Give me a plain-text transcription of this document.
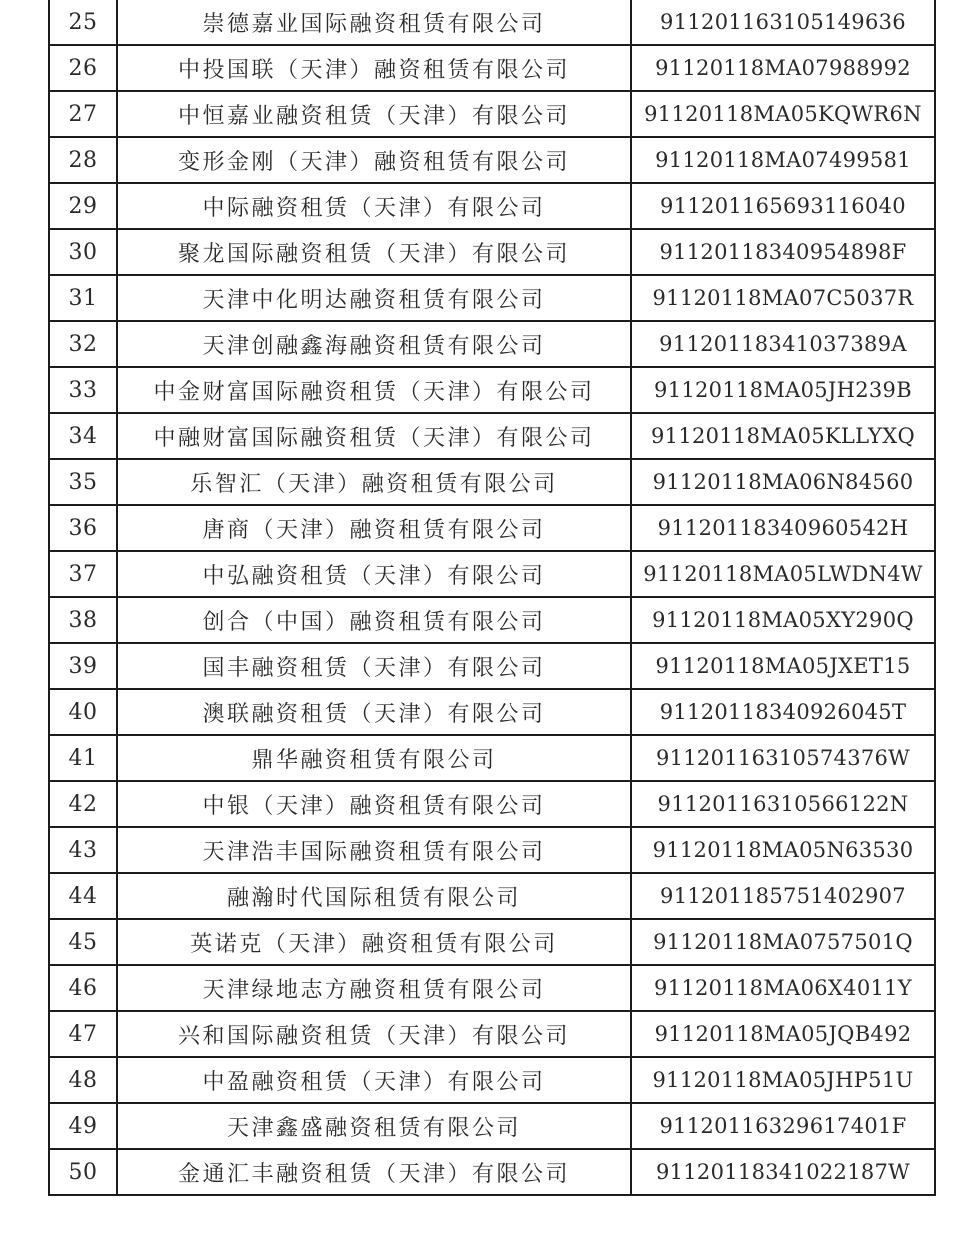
25	崇德嘉业国际融资租赁有限公司	911201163105149636
26	中投国联（天津）融资租赁有限公司	91120118MA07988992
27	中恒嘉业融资租赁（天津）有限公司	91120118MA05KQWR6N
28	变形金刚（天津）融资租赁有限公司	91120118MA07499581
29	中际融资租赁（天津）有限公司	911201165693116040
30	聚龙国际融资租赁（天津）有限公司	91120118340954898F
31	天津中化明达融资租赁有限公司	91120118MA07C5037R
32	天津创融鑫海融资租赁有限公司	91120118341037389A
33	中金财富国际融资租赁（天津）有限公司	91120118MA05JH239B
34	中融财富国际融资租赁（天津）有限公司	91120118MA05KLLYXQ
35	乐智汇（天津）融资租赁有限公司	91120118MA06N84560
36	唐商（天津）融资租赁有限公司	91120118340960542H
37	中弘融资租赁（天津）有限公司	91120118MA05LWDN4W
38	创合（中国）融资租赁有限公司	91120118MA05XY290Q
39	国丰融资租赁（天津）有限公司	91120118MA05JXET15
40	澳联融资租赁（天津）有限公司	91120118340926045T
41	鼎华融资租赁有限公司	91120116310574376W
42	中银（天津）融资租赁有限公司	91120116310566122N
43	天津浩丰国际融资租赁有限公司	91120118MA05N63530
44	融瀚时代国际租赁有限公司	911201185751402907
45	英诺克（天津）融资租赁有限公司	91120118MA0757501Q
46	天津绿地志方融资租赁有限公司	91120118MA06X4011Y
47	兴和国际融资租赁（天津）有限公司	91120118MA05JQB492
48	中盈融资租赁（天津）有限公司	91120118MA05JHP51U
49	天津鑫盛融资租赁有限公司	91120116329617401F
50	金通汇丰融资租赁（天津）有限公司	91120118341022187W
